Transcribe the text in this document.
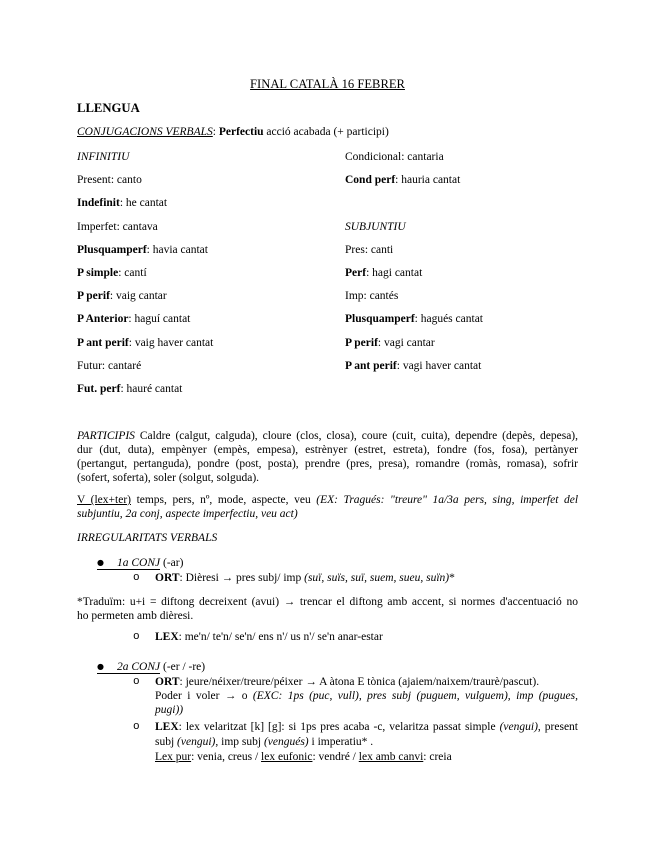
FINAL CATALÀ 16 FEBRER
LLENGUA
CONJUGACIONS VERBALS: Perfectiu acció acabada (+ participi)
INFINITIU
Present: canto
Indefinit: he cantat
Imperfet: cantava
Plusquamperf: havia cantat
P simple: cantí
P perif: vaig cantar
P Anterior: haguí cantat
P ant perif: vaig haver cantat
Futur: cantaré
Fut. perf: hauré cantat
Condicional: cantaria
Cond perf: hauria cantat
SUBJUNTIU
Pres: canti
Perf: hagi cantat
Imp: cantés
Plusquamperf: hagués cantat
P perif: vagi cantar
P ant perif: vagi haver cantat
PARTICIPIS Caldre (calgut, calguda), cloure (clos, closa), coure (cuit, cuita), dependre (depès, depesa),
dur (dut, duta), empènyer (empès, empesa), estrènyer (estret, estreta), fondre (fos, fosa), pertànyer
(pertangut, pertanguda), pondre (post, posta), prendre (pres, presa), romandre (romàs, romasa), sofrir
(sofert, soferta), soler (solgut, solguda).
V (lex+ter) temps, pers, nº, mode, aspecte, veu (EX: Tragués: "treure" 1a/3a pers, sing, imperfet del
subjuntiu, 2a conj, aspecte imperfectiu, veu act)
IRREGULARITATS VERBALS
● 1a CONJ (-ar)
o ORT: Dièresi → pres subj/ imp (suï, suïs, suï, suem, sueu, suïn)*
*Traduïm: u+i = diftong decreixent (avui) → trencar el diftong amb accent, si normes d'accentuació no
ho permeten amb dièresi.
o LEX: me'n/ te'n/ se'n/ ens n'/ us n'/ se'n anar-estar
● 2a CONJ (-er / -re)
o ORT: jeure/néixer/treure/péixer → A àtona E tònica (ajaiem/naixem/traurè/pascut).
Poder i voler → o (EXC: 1ps (puc, vull), pres subj (puguem, vulguem), imp (pugues,
pugi))
o LEX: lex velaritzat [k] [g]: si 1ps pres acaba -c, velaritza passat simple (vengui), present
subj (vengui), imp subj (vengués) i imperatiu* .
Lex pur: venia, creus / lex eufonic: vendré / lex amb canvi: creia
